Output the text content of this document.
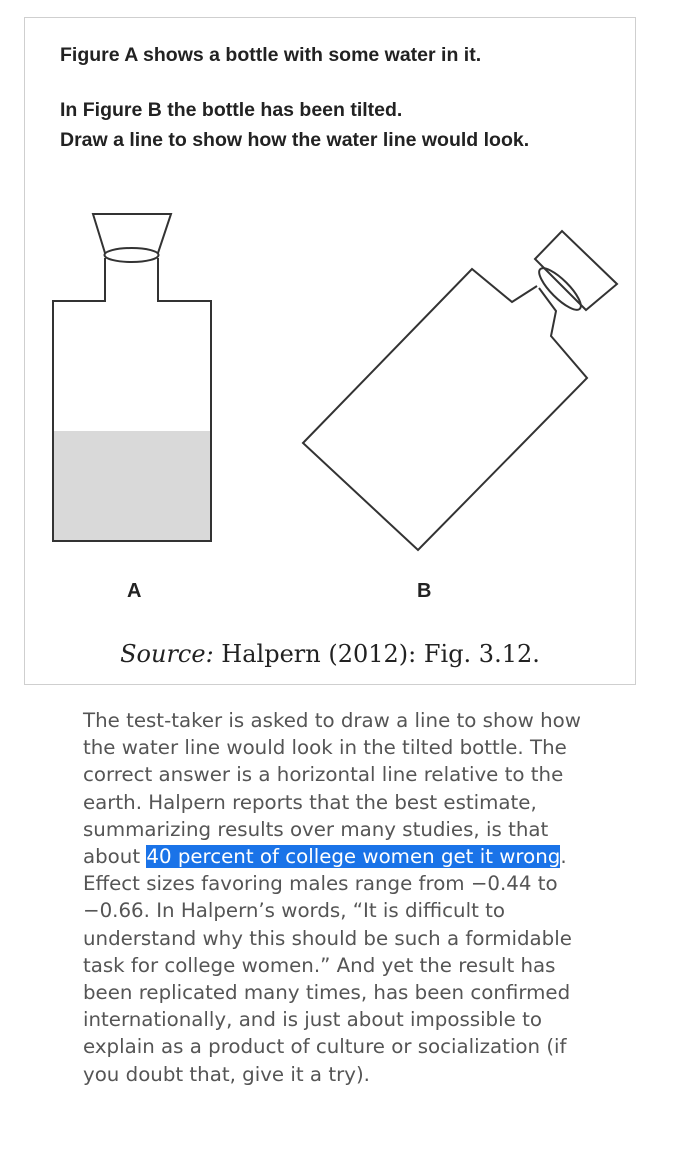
Figure A shows a bottle with some water in it.
In Figure B the bottle has been tilted.
Draw a line to show how the water line would look.
A	B
Source: Halpern (2012): Fig. 3.12.
The test-taker is asked to draw a line to show how the water line would look in the tilted bottle. The correct answer is a horizontal line relative to the earth. Halpern reports that the best estimate, summarizing results over many studies, is that about 40 percent of college women get it wrong. Effect sizes favoring males range from −0.44 to −0.66. In Halpern’s words, “It is difficult to understand why this should be such a formidable task for college women.” And yet the result has been replicated many times, has been confirmed internationally, and is just about impossible to explain as a product of culture or socialization (if you doubt that, give it a try).
